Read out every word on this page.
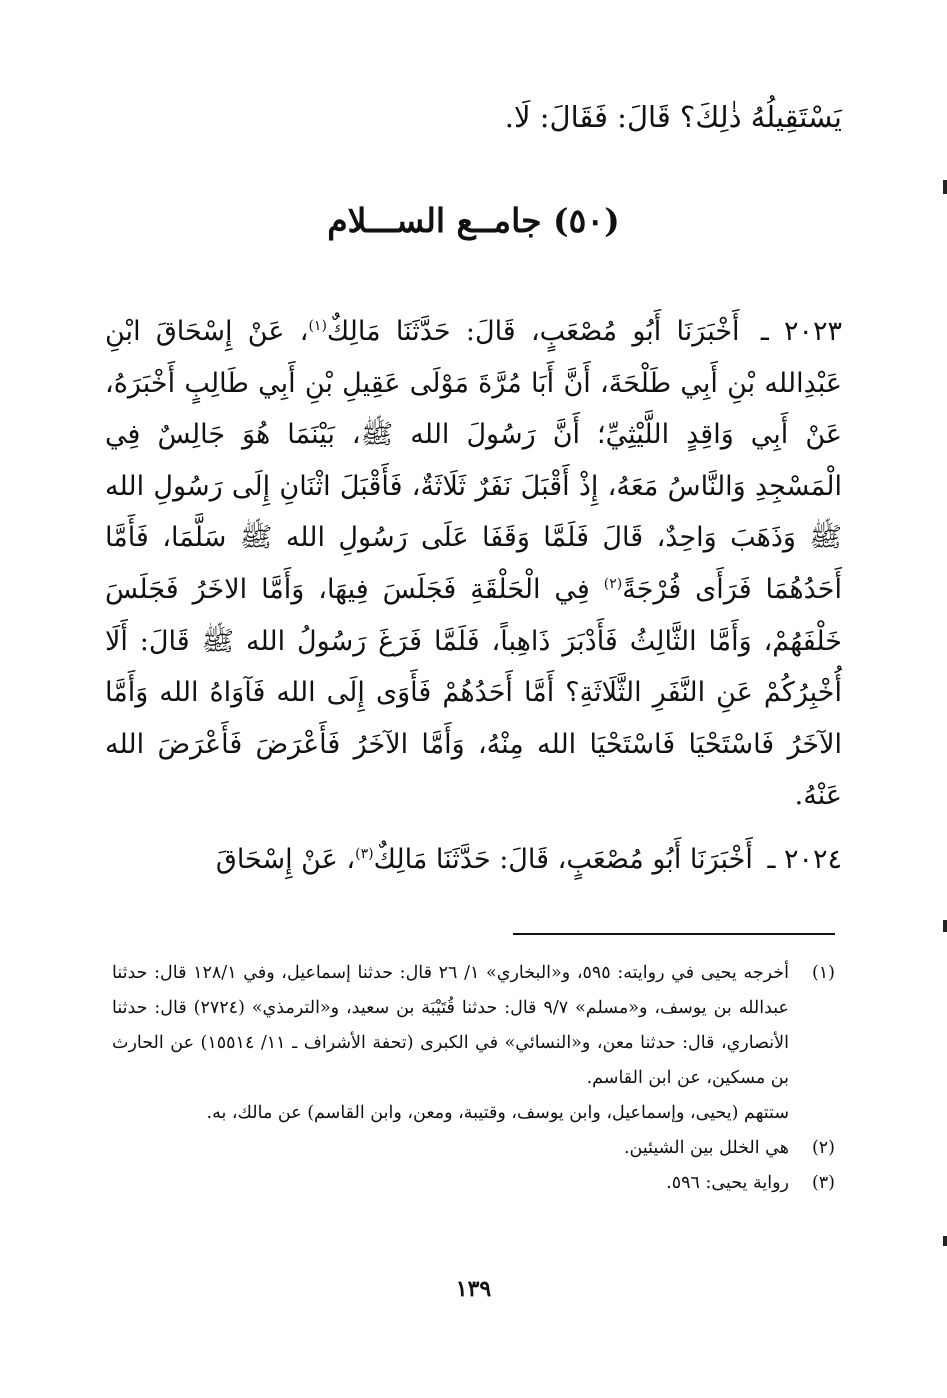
يَسْتَقِيلُهُ ذٰلِكَ؟ قَالَ: فَقَالَ: لَا.
(٥٠) جامــع الســـلام
٢٠٢٣ ـ أَخْبَرَنَا أَبُو مُصْعَبٍ، قَالَ: حَدَّثَنَا مَالِكٌ$^{(١)}$، عَنْ إِسْحَاقَ ابْنِ عَبْدِالله بْنِ أَبِي طَلْحَةَ، أَنَّ أَبَا مُرَّةَ مَوْلَى عَقِيلِ بْنِ أَبِي طَالِبٍ أَخْبَرَهُ، عَنْ أَبِي وَاقِدٍ اللَّيْثِيِّ؛ أَنَّ رَسُولَ الله ﷺ، بَيْنَمَا هُوَ جَالِسٌ فِي الْمَسْجِدِ وَالنَّاسُ مَعَهُ، إِذْ أَقْبَلَ نَفَرٌ ثَلَاثَةٌ، فَأَقْبَلَ اثْنَانِ إِلَى رَسُولِ الله ﷺ وَذَهَبَ وَاحِدٌ، قَالَ فَلَمَّا وَقَفَا عَلَى رَسُولِ الله ﷺ سَلَّمَا، فَأَمَّا أَحَدُهُمَا فَرَأَى فُرْجَةً$^{(٢)}$ فِي الْحَلْقَةِ فَجَلَسَ فِيهَا، وَأَمَّا الاخَرُ فَجَلَسَ خَلْفَهُمْ، وَأَمَّا الثَّالِثُ فَأَدْبَرَ ذَاهِباً، فَلَمَّا فَرَغَ رَسُولُ الله ﷺ قَالَ: أَلَا أُخْبِرُكُمْ عَنِ النَّفَرِ الثَّلَاثَةِ؟ أَمَّا أَحَدُهُمْ فَأَوَى إِلَى الله فَآوَاهُ الله وَأَمَّا الآخَرُ فَاسْتَحْيَا فَاسْتَحْيَا الله مِنْهُ، وَأَمَّا الآخَرُ فَأَعْرَضَ فَأَعْرَضَ الله عَنْهُ.
٢٠٢٤ ـ أَخْبَرَنَا أَبُو مُصْعَبٍ، قَالَ: حَدَّثَنَا مَالِكٌ$^{(٣)}$، عَنْ إِسْحَاقَ
(١)
أخرجه يحيى في روايته: ٥٩٥، و«البخاري» ١/ ٢٦ قال: حدثنا إسماعيل، وفي ١٢٨/١ قال: حدثنا عبدالله بن يوسف، و«مسلم» ٩/٧ قال: حدثنا قُتَيْبَة بن سعيد، و«الترمذي» (٢٧٢٤) قال: حدثنا الأنصاري، قال: حدثنا معن، و«النسائي» في الكبرى (تحفة الأشراف ـ ١١/ ١٥٥١٤) عن الحارث بن مسكين، عن ابن القاسم.
ستتهم (يحيى، وإسماعيل، وابن يوسف، وقتيبة، ومعن، وابن القاسم) عن مالك، به.
(٢)
هي الخلل بين الشيئين.
(٣)
رواية يحيى: ٥٩٦.
١٣٩
